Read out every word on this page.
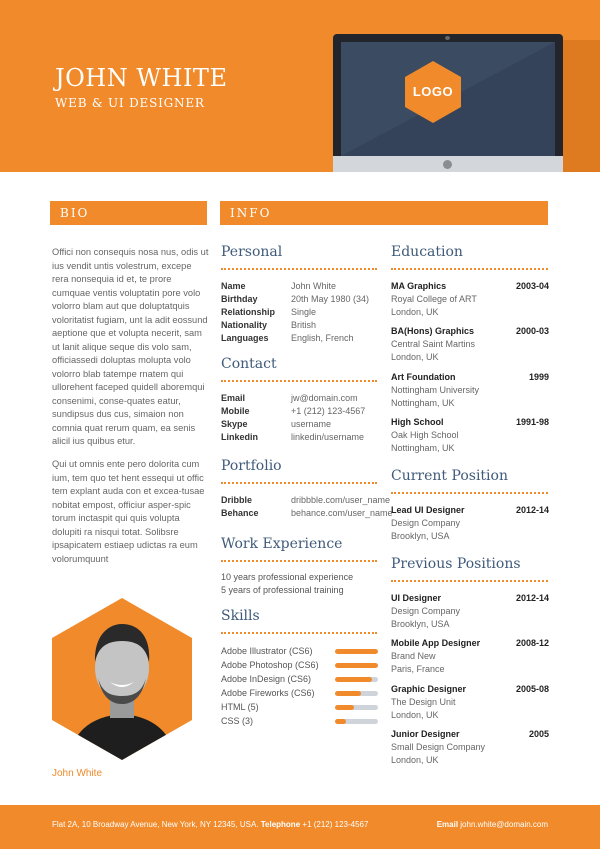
JOHN WHITE
WEB & UI DESIGNER
LOGO
BIO	INFO
Offici non consequis nosa nus, odis ut ius vendit untis volestrum, excepe rera nonsequia id et, te prore cumquae ventis voluptatin pore volo volorro blam aut que doluptatquis voloritatist fugiam, unt la adit eossund aeptione que et volupta necerit, sam ut lanit alique seque dis volo sam, officiassedi doluptas molupta volo volorro blab tatempe rnatem qui ullorehent faceped quidell aboremqui consenimi, conse-quates eatur, sundipsus dus cus, simaion non comnia quat rerum quam, ea senis alicil ius quibus etur.
Qui ut omnis ente pero dolorita cum ium, tem quo tet hent essequi ut offic tem explant auda con et excea-tusae nobitat empost, officiur asper-spic torum inctaspit qui quis volupta dolupiti ra nisqui totat. Solibsre ipsapicatem estiaep udictas ra eum volorumquunt
John White
Personal
Name	John White
Birthday	20th May 1980 (34)
Relationship	Single
Nationality	British
Languages	English, French
Contact
Email	jw@domain.com
Mobile	+1 (212) 123-4567
Skype	username
Linkedin	linkedin/username
Portfolio
Dribble	dribbble.com/user_name
Behance	behance.com/user_name
Work Experience
10 years professional experience
5 years of professional training
Skills
Adobe Illustrator (CS6)
Adobe Photoshop (CS6)
Adobe InDesign (CS6)
Adobe Fireworks (CS6)
HTML (5)
CSS (3)
Education
MA Graphics	2003-04
Royal College of ART
London, UK
BA(Hons) Graphics	2000-03
Central Saint Martins
London, UK
Art Foundation	1999
Nottingham University
Nottingham, UK
High School	1991-98
Oak High School
Nottingham, UK
Current Position
Lead UI Designer	2012-14
Design Company
Brooklyn, USA
Previous Positions
UI Designer	2012-14
Design Company
Brooklyn, USA
Mobile App Designer	2008-12
Brand New
Paris, France
Graphic Designer	2005-08
The Design Unit
London, UK
Junior Designer	2005
Small Design Company
London, UK
Flat 2A, 10 Broadway Avenue, New York, NY 12345, USA. Telephone +1 (212) 123-4567	Email john.white@domain.com
